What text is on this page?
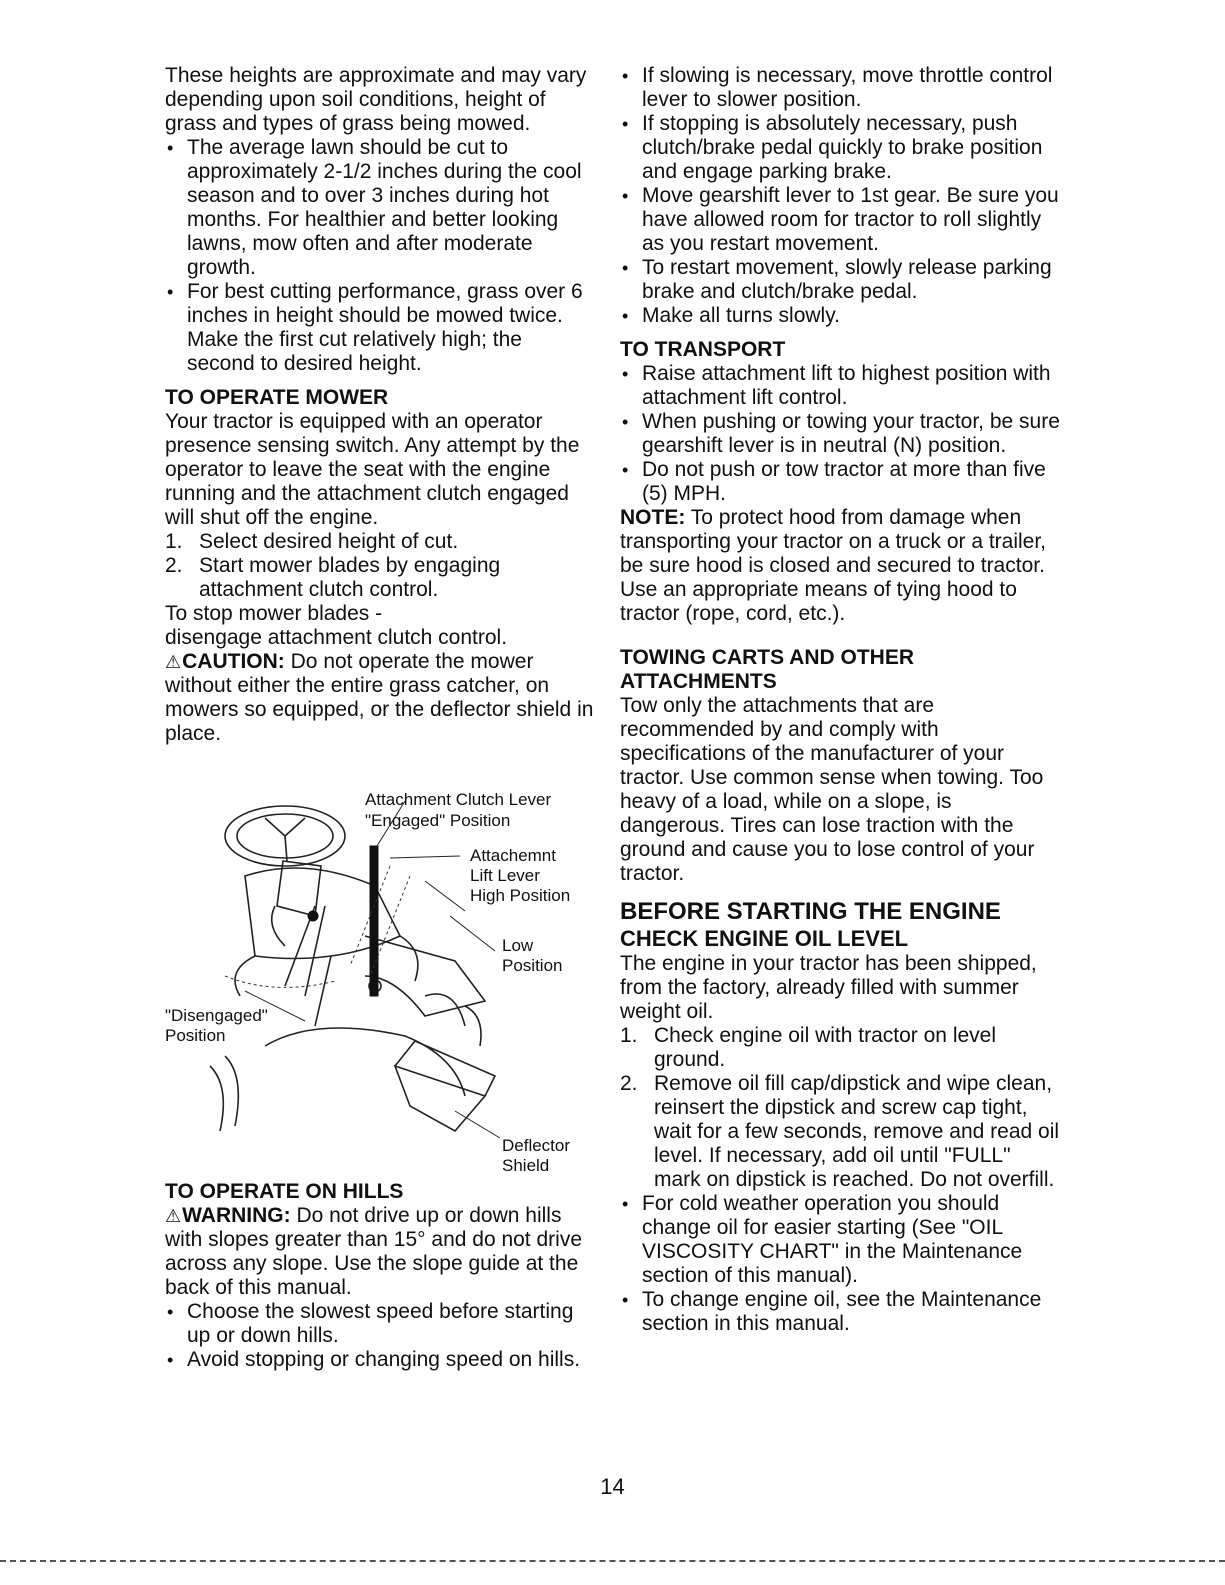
These heights are approximate and may vary depending upon soil conditions, height of grass and types of grass being mowed.

• The average lawn should be cut to approximately 2-1/2 inches during the cool season and to over 3 inches during hot months. For healthier and better looking lawns, mow often and after moderate growth.
• For best cutting performance, grass over 6 inches in height should be mowed twice. Make the first cut relatively high; the second to desired height.

TO OPERATE MOWER

Your tractor is equipped with an operator presence sensing switch. Any attempt by the operator to leave the seat with the engine running and the attachment clutch engaged will shut off the engine.

1. Select desired height of cut.
2. Start mower blades by engaging attachment clutch control.

To stop mower blades -

disengage attachment clutch control.

⚠CAUTION: Do not operate the mower without either the entire grass catcher, on mowers so equipped, or the deflector shield in place.

Attachment Clutch Lever
"Engaged" Position
Attachemnt
Lift Lever
High Position
Low
Position
"Disengaged"
Position
Deflector
Shield

TO OPERATE ON HILLS

⚠WARNING: Do not drive up or down hills with slopes greater than 15° and do not drive across any slope. Use the slope guide at the back of this manual.

• Choose the slowest speed before starting up or down hills.
• Avoid stopping or changing speed on hills.
• If slowing is necessary, move throttle control lever to slower position.
• If stopping is absolutely necessary, push clutch/brake pedal quickly to brake position and engage parking brake.
• Move gearshift lever to 1st gear. Be sure you have allowed room for tractor to roll slightly as you restart movement.
• To restart movement, slowly release parking brake and clutch/brake pedal.
• Make all turns slowly.

TO TRANSPORT

• Raise attachment lift to highest position with attachment lift control.
• When pushing or towing your tractor, be sure gearshift lever is in neutral (N) position.
• Do not push or tow tractor at more than five (5) MPH.

NOTE: To protect hood from damage when transporting your tractor on a truck or a trailer, be sure hood is closed and secured to tractor. Use an appropriate means of tying hood to tractor (rope, cord, etc.).

TOWING CARTS AND OTHER ATTACHMENTS

Tow only the attachments that are recommended by and comply with specifications of the manufacturer of your tractor. Use common sense when towing. Too heavy of a load, while on a slope, is dangerous. Tires can lose traction with the ground and cause you to lose control of your tractor.

BEFORE STARTING THE ENGINE

CHECK ENGINE OIL LEVEL

The engine in your tractor has been shipped, from the factory, already filled with summer weight oil.

1. Check engine oil with tractor on level ground.
2. Remove oil fill cap/dipstick and wipe clean, reinsert the dipstick and screw cap tight, wait for a few seconds, remove and read oil level. If necessary, add oil until "FULL" mark on dipstick is reached. Do not overfill.
• For cold weather operation you should change oil for easier starting (See "OIL VISCOSITY CHART" in the Maintenance section of this manual).
• To change engine oil, see the Maintenance section in this manual.
14
